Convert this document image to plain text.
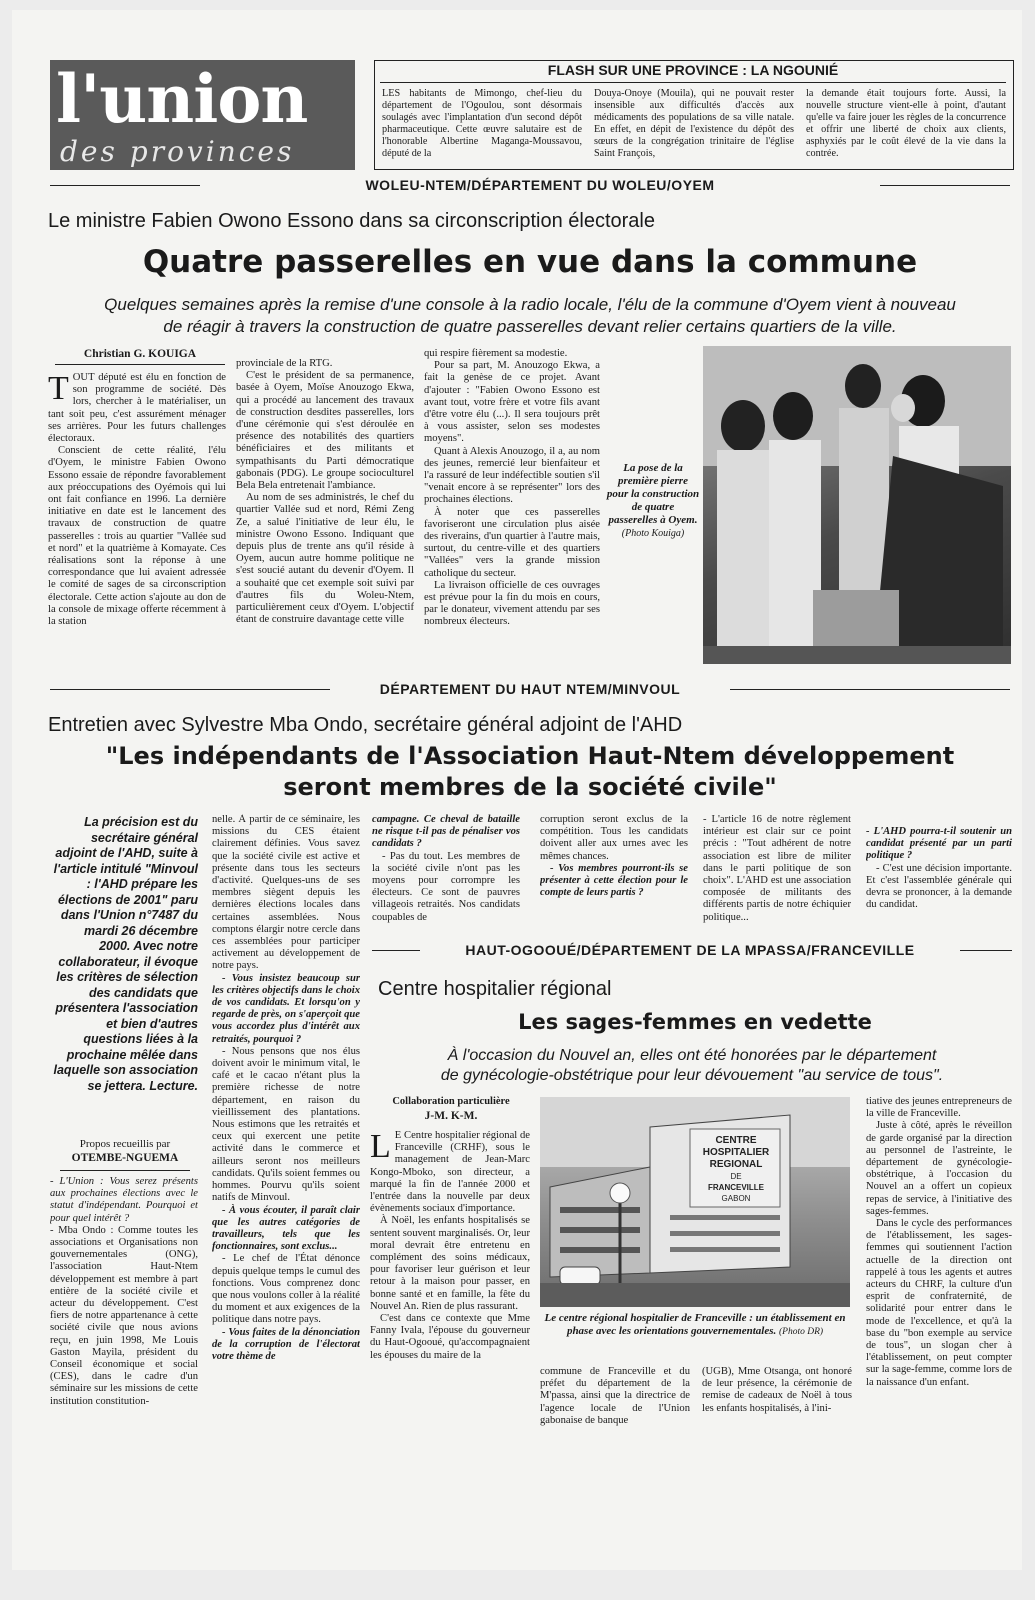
l'union
des provinces
FLASH SUR UNE PROVINCE : LA NGOUNIÉ
LES habitants de Mimongo, chef-lieu du département de l'Ogoulou, sont désormais soulagés avec l'implantation d'un second dépôt pharmaceutique. Cette œuvre salutaire est de l'honorable Albertine Maganga-Moussavou, député de la
Douya-Onoye (Mouila), qui ne pouvait rester insensible aux difficultés d'accès aux médicaments des populations de sa ville natale. En effet, en dépit de l'existence du dépôt des sœurs de la congrégation trinitaire de l'église Saint François,
la demande était toujours forte. Aussi, la nouvelle structure vient-elle à point, d'autant qu'elle va faire jouer les règles de la concurrence et offrir une liberté de choix aux clients, asphyxiés par le coût élevé de la vie dans la contrée.
WOLEU-NTEM/DÉPARTEMENT DU WOLEU/OYEM
Le ministre Fabien Owono Essono dans sa circonscription électorale
Quatre passerelles en vue dans la commune
Quelques semaines après la remise d'une console à la radio locale, l'élu de la commune d'Oyem vient à nouveau
de réagir à travers la construction de quatre passerelles devant relier certains quartiers de la ville.
Christian G. KOUIGA

TOUT député est élu en fonction de son programme de société. Dès lors, chercher à le matérialiser, un tant soit peu, c'est assurément ménager ses arrières. Pour les futurs challenges électoraux.

Conscient de cette réalité, l'élu d'Oyem, le ministre Fabien Owono Essono essaie de répondre favorablement aux préoccupations des Oyémois qui lui ont fait confiance en 1996. La dernière initiative en date est le lancement des travaux de construction de quatre passerelles : trois au quartier "Vallée sud et nord" et la quatrième à Komayate. Ces réalisations sont la réponse à une correspondance que lui avaient adressée le comité de sages de sa circonscription électorale. Cette action s'ajoute au don de la console de mixage offerte récemment à la station

provinciale de la RTG.

C'est le président de sa permanence, basée à Oyem, Moïse Anouzogo Ekwa, qui a procédé au lancement des travaux de construction desdites passerelles, lors d'une cérémonie qui s'est déroulée en présence des notabilités des quartiers bénéficiaires et des militants et sympathisants du Parti démocratique gabonais (PDG). Le groupe socioculturel Bela Bela entretenait l'ambiance.

Au nom de ses administrés, le chef du quartier Vallée sud et nord, Rémi Zeng Ze, a salué l'initiative de leur élu, le ministre Owono Essono. Indiquant que depuis plus de trente ans qu'il réside à Oyem, aucun autre homme politique ne s'est soucié autant du devenir d'Oyem. Il a souhaité que cet exemple soit suivi par d'autres fils du Woleu-Ntem, particulièrement ceux d'Oyem. L'objectif étant de construire davantage cette ville

qui respire fièrement sa modestie.

Pour sa part, M. Anouzogo Ekwa, a fait la genèse de ce projet. Avant d'ajouter : "Fabien Owono Essono est avant tout, votre frère et votre fils avant d'être votre élu (...). Il sera toujours prêt à vous assister, selon ses modestes moyens".

Quant à Alexis Anouzogo, il a, au nom des jeunes, remercié leur bienfaiteur et l'a rassuré de leur indéfectible soutien s'il "venait encore à se représenter" lors des prochaines élections.

À noter que ces passerelles favoriseront une circulation plus aisée des riverains, d'un quartier à l'autre mais, surtout, du centre-ville et des quartiers "Vallées" vers la grande mission catholique du secteur.

La livraison officielle de ces ouvrages est prévue pour la fin du mois en cours, par le donateur, vivement attendu par ses nombreux électeurs.

La pose de la première pierre pour la construction de quatre passerelles à Oyem.
(Photo Kouiga)
DÉPARTEMENT DU HAUT NTEM/MINVOUL
Entretien avec Sylvestre Mba Ondo, secrétaire général adjoint de l'AHD
"Les indépendants de l'Association Haut-Ntem développement
seront membres de la société civile"
La précision est du secrétaire général adjoint de l'AHD, suite à l'article intitulé "Minvoul : l'AHD prépare les élections de 2001" paru dans l'Union n°7487 du mardi 26 décembre 2000. Avec notre collaborateur, il évoque les critères de sélection des candidats que présentera l'association et bien d'autres questions liées à la prochaine mêlée dans laquelle son association se jettera. Lecture.
Propos recueillis par
OTEMBE-NGUEMA

- L'Union : Vous serez présents aux prochaines élections avec le statut d'indépendant. Pourquoi et pour quel intérêt ?

- Mba Ondo : Comme toutes les associations et Organisations non gouvernementales (ONG), l'association Haut-Ntem développement est membre à part entière de la société civile et acteur du développement. C'est fiers de notre appartenance à cette société civile que nous avions reçu, en juin 1998, Me Louis Gaston Mayila, président du Conseil économique et social (CES), dans le cadre d'un séminaire sur les missions de cette institution constitution-

nelle. À partir de ce séminaire, les missions du CES étaient clairement définies. Vous savez que la société civile est active et présente dans tous les secteurs d'activité. Quelques-uns de ses membres siègent depuis les dernières élections locales dans certaines assemblées. Nous comptons élargir notre cercle dans ces assemblées pour participer activement au développement de notre pays.

- Vous insistez beaucoup sur les critères objectifs dans le choix de vos candidats. Et lorsqu'on y regarde de près, on s'aperçoit que vous accordez plus d'intérêt aux retraités, pourquoi ?

- Nous pensons que nos élus doivent avoir le minimum vital, le café et le cacao n'étant plus la première richesse de notre département, en raison du vieillissement des plantations. Nous estimons que les retraités et ceux qui exercent une petite activité dans le commerce et ailleurs seront nos meilleurs candidats. Qu'ils soient femmes ou hommes. Pourvu qu'ils soient natifs de Minvoul.

- À vous écouter, il paraît clair que les autres catégories de travailleurs, tels que les fonctionnaires, sont exclus...

- Le chef de l'État dénonce depuis quelque temps le cumul des fonctions. Vous comprenez donc que nous voulons coller à la réalité du moment et aux exigences de la politique dans notre pays.

- Vous faites de la dénonciation de la corruption de l'électorat votre thème de

campagne. Ce cheval de bataille ne risque t-il pas de pénaliser vos candidats ?

- Pas du tout. Les membres de la société civile n'ont pas les moyens pour corrompre les électeurs. Ce sont de pauvres villageois retraités. Nos candidats coupables de

corruption seront exclus de la compétition. Tous les candidats doivent aller aux urnes avec les mêmes chances.

- Vos membres pourront-ils se présenter à cette élection pour le compte de leurs partis ?

- L'article 16 de notre règlement intérieur est clair sur ce point précis : "Tout adhérent de notre association est libre de militer dans le parti politique de son choix". L'AHD est une association composée de militants des différents partis de notre échiquier politique...

- L'AHD pourra-t-il soutenir un candidat présenté par un parti politique ?

- C'est une décision importante. Et c'est l'assemblée générale qui devra se prononcer, à la demande du candidat.

HAUT-OGOOUÉ/DÉPARTEMENT DE LA MPASSA/FRANCEVILLE
Centre hospitalier régional
Les sages-femmes en vedette
À l'occasion du Nouvel an, elles ont été honorées par le département
de gynécologie-obstétrique pour leur dévouement "au service de tous".
Collaboration particulière
J-M. K-M.

L E Centre hospitalier régional de Franceville (CRHF), sous le management de Jean-Marc Kongo-Mboko, son directeur, a marqué la fin de l'année 2000 et l'entrée dans la nouvelle par deux évènements sociaux d'importance.

À Noël, les enfants hospitalisés se sentent souvent marginalisés. Or, leur moral devrait être entretenu en complément des soins médicaux, pour favoriser leur guérison et leur retour à la maison pour passer, en bonne santé et en famille, la fête du Nouvel An. Rien de plus rassurant.

C'est dans ce contexte que Mme Fanny Ivala, l'épouse du gouverneur du Haut-Ogooué, qu'accompagnaient les épouses du maire de la

CENTRE
HOSPITALIER
REGIONAL
DE
FRANCEVILLE
GABON
Le centre régional hospitalier de Franceville : un établissement en phase avec les orientations gouvernementales. (Photo DR)

commune de Franceville et du préfet du département de la M'passa, ainsi que la directrice de l'agence locale de l'Union gabonaise de banque

(UGB), Mme Otsanga, ont honoré de leur présence, la cérémonie de remise de cadeaux de Noël à tous les enfants hospitalisés, à l'ini-

tiative des jeunes entrepreneurs de la ville de Franceville.

Juste à côté, après le réveillon de garde organisé par la direction au personnel de l'astreinte, le département de gynécologie-obstétrique, à l'occasion du Nouvel an a offert un copieux repas de service, à l'initiative des sages-femmes.

Dans le cycle des performances de l'établissement, les sages-femmes qui soutiennent l'action actuelle de la direction ont rappelé à tous les agents et autres acteurs du CHRF, la culture d'un esprit de confraternité, de solidarité pour entrer dans le mode de l'excellence, et qu'à la base du "bon exemple au service de tous", un slogan cher à l'établissement, on peut compter sur la sage-femme, comme lors de la naissance d'un enfant.
